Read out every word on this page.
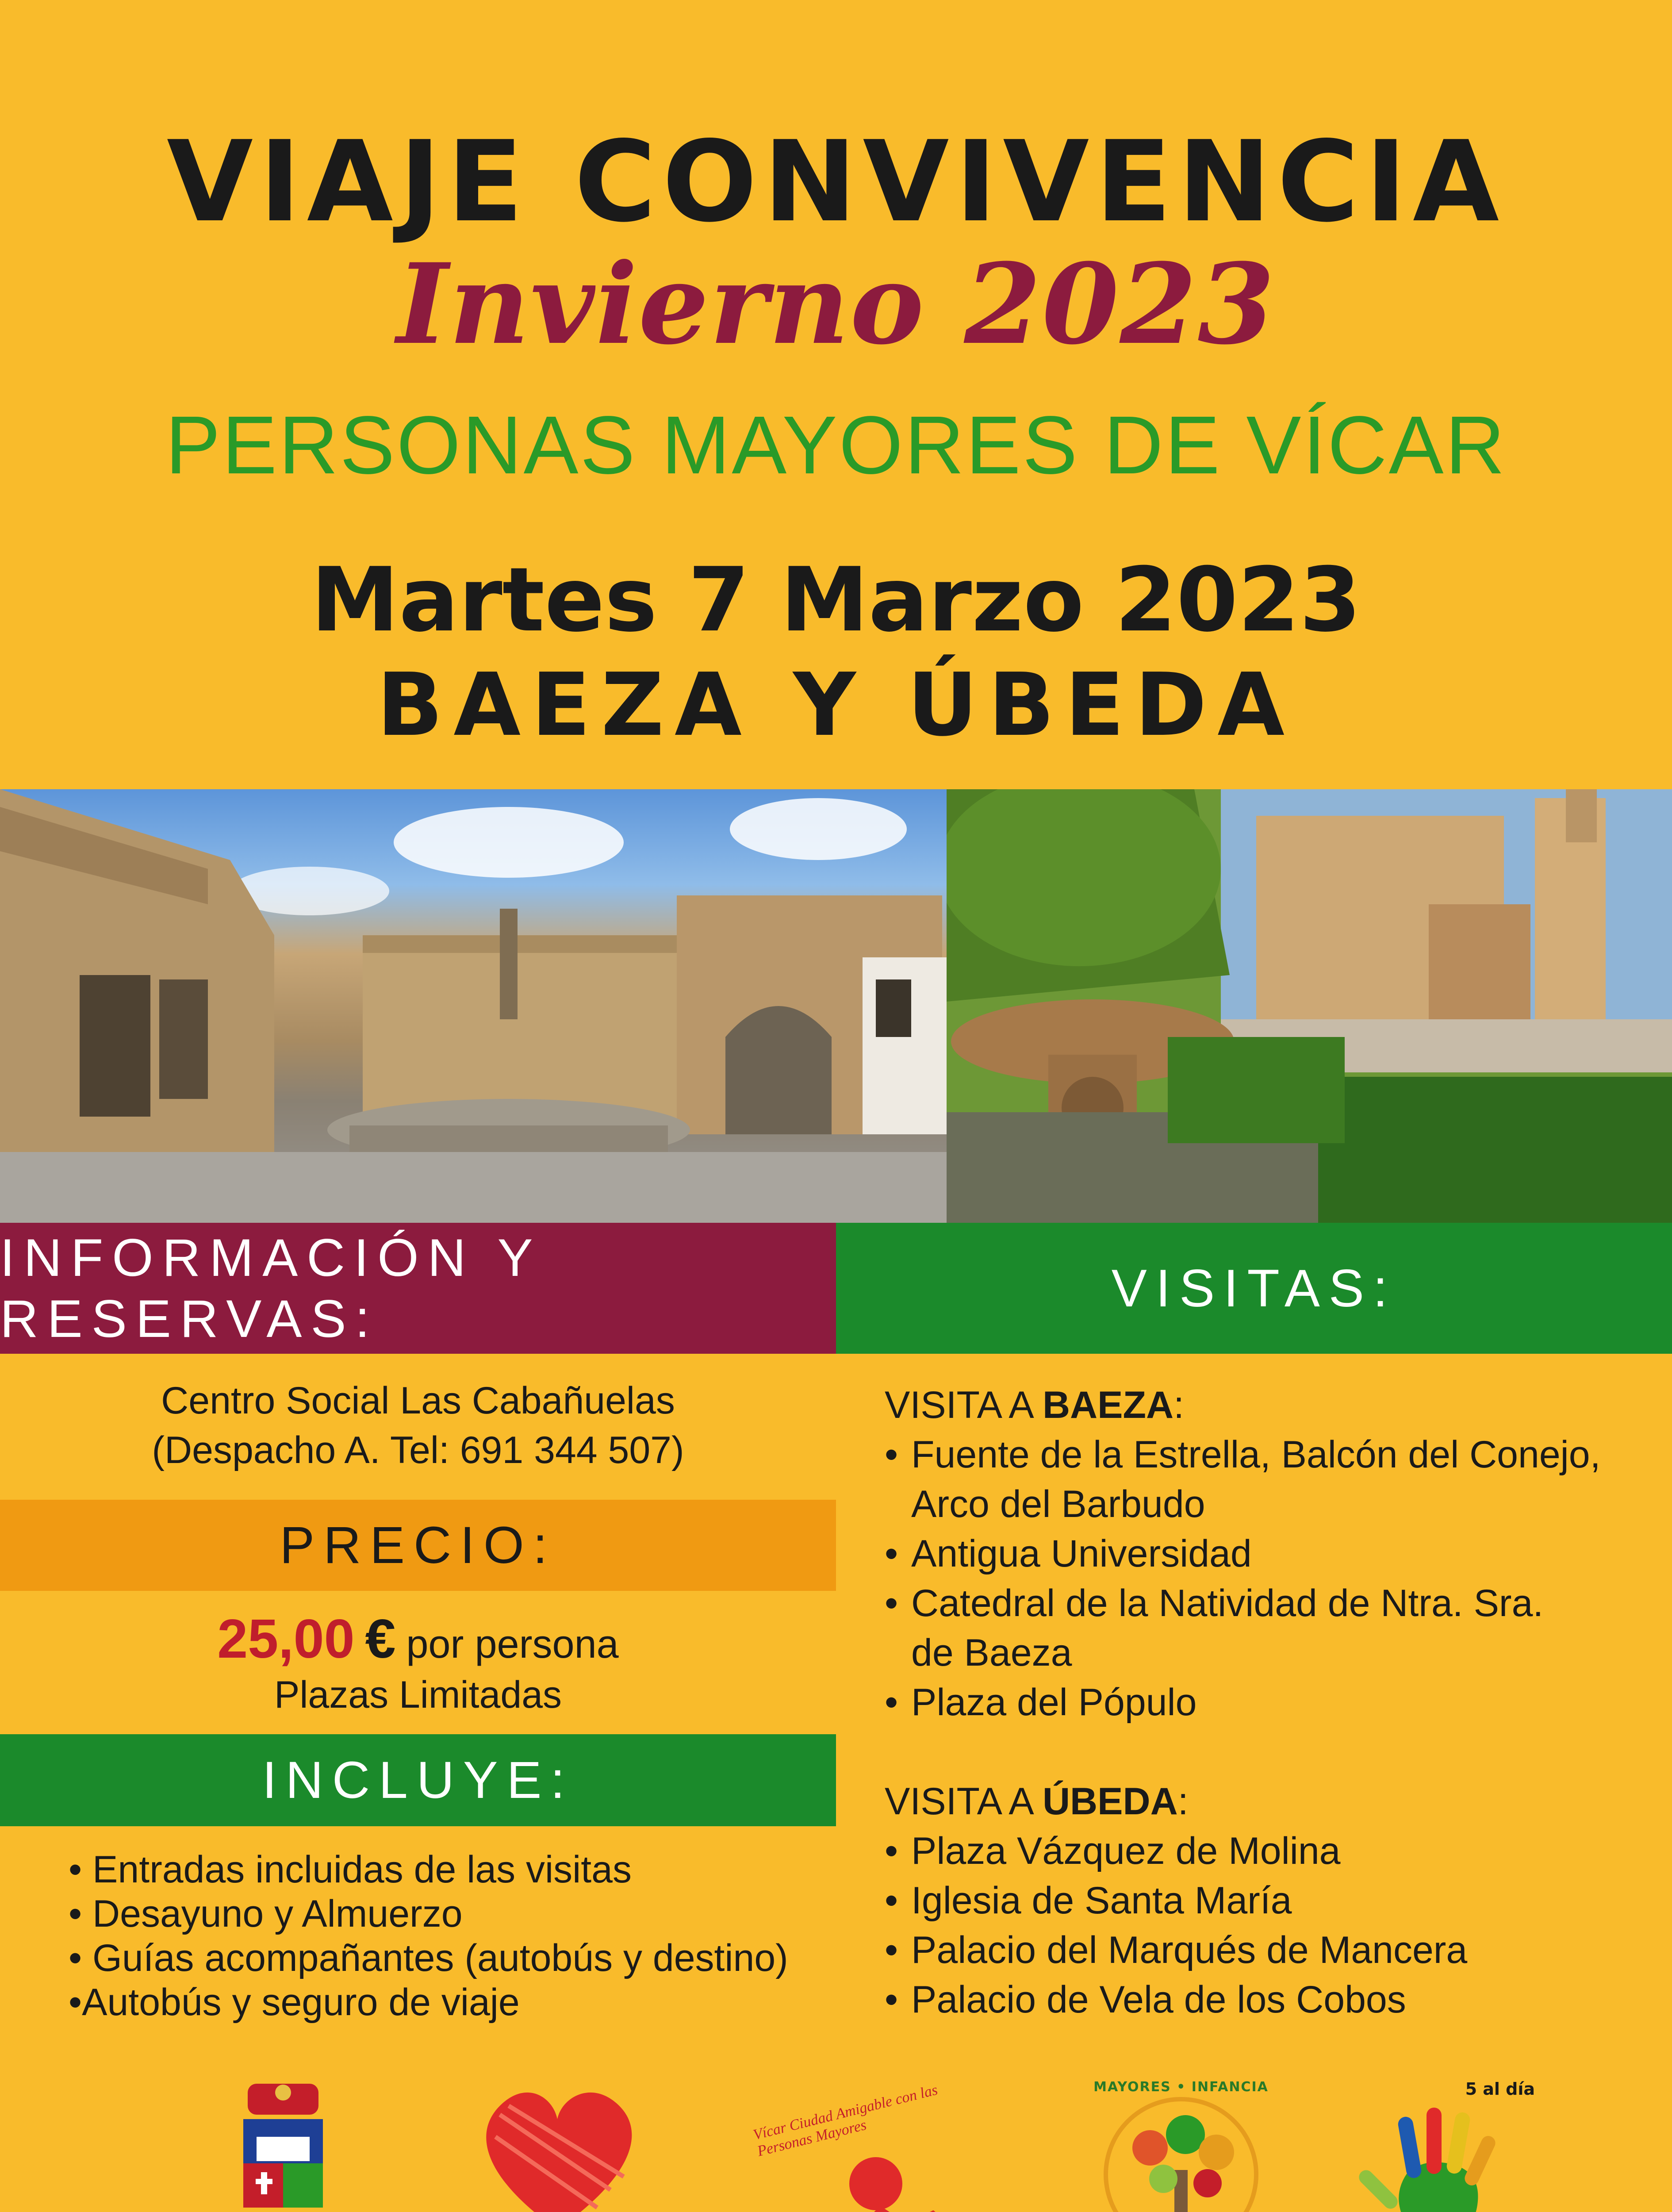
VIAJE CONVIVENCIA
Invierno 2023
PERSONAS MAYORES DE VÍCAR
Martes 7 Marzo 2023
BAEZA Y ÚBEDA
INFORMACIÓN Y RESERVAS:
VISITAS:
PRECIO:
INCLUYE:
Centro Social Las Cabañuelas
(Despacho A. Tel: 691 344 507)
25,00 € por persona
Plazas Limitadas
• Entradas incluidas de las visitas
• Desayuno y Almuerzo
• Guías acompañantes (autobús y destino)
•Autobús y seguro de viaje
VISITA A BAEZA:
• Fuente de la Estrella, Balcón del Conejo,
Arco del Barbudo
• Antigua Universidad
• Catedral de la Natividad de Ntra. Sra.
de Baeza
• Plaza del Pópulo
VISITA A ÚBEDA:
• Plaza Vázquez de Molina
• Iglesia de Santa María
• Palacio del Marqués de Mancera
• Palacio de Vela de los Cobos
Vícar Ciudad Amigable con las Personas Mayores
MAYORES • INFANCIA	5 al día
